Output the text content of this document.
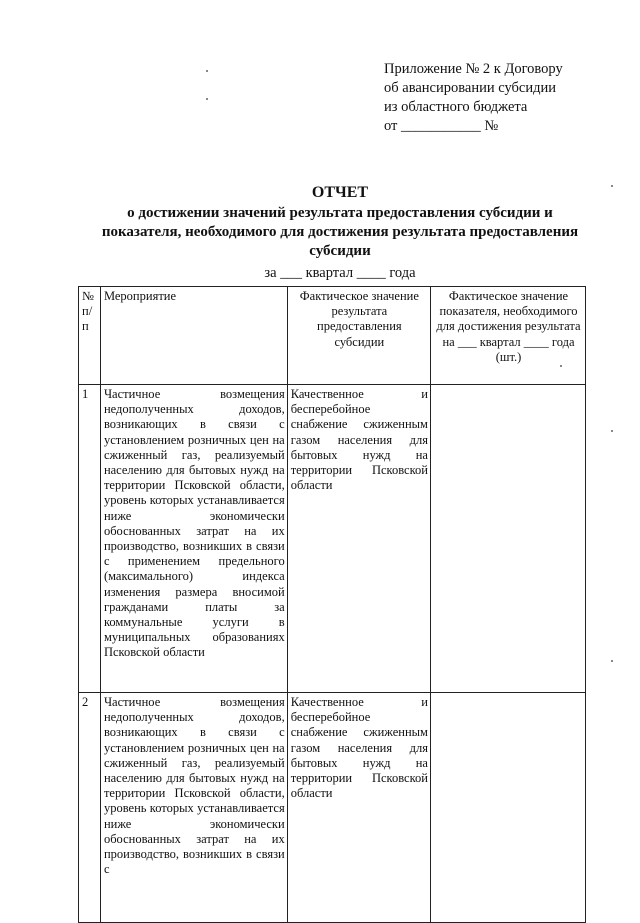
Приложение № 2 к Договору
об авансировании субсидии
из областного бюджета
от ___________ №
ОТЧЕТ
о достижении значений результата предоставления субсидии и
показателя, необходимого для достижения результата предоставления
субсидии
за ___ квартал ____ года
№ п/п	Мероприятие	Фактическое значение результата предоставления субсидии	Фактическое значение показателя, необходимого для достижения результата на ___ квартал ____ года (шт.)
1	Частичное возмещения недополученных доходов, возникающих в связи с установлением розничных цен на сжиженный газ, реализуемый населению для бытовых нужд на территории Псковской области, уровень которых устанавливается ниже экономически обоснованных затрат на их производство, возникших в связи с применением предельного (максимального) индекса изменения размера вносимой гражданами платы за коммунальные услуги в муниципальных образованиях Псковской области	Качественное и бесперебойное снабжение сжиженным газом населения для бытовых нужд на территории Псковской области	
2	Частичное возмещения недополученных доходов, возникающих в связи с установлением розничных цен на сжиженный газ, реализуемый населению для бытовых нужд на территории Псковской области, уровень которых устанавливается ниже экономически обоснованных затрат на их производство, возникших в связи с	Качественное и бесперебойное снабжение сжиженным газом населения для бытовых нужд на территории Псковской области	
